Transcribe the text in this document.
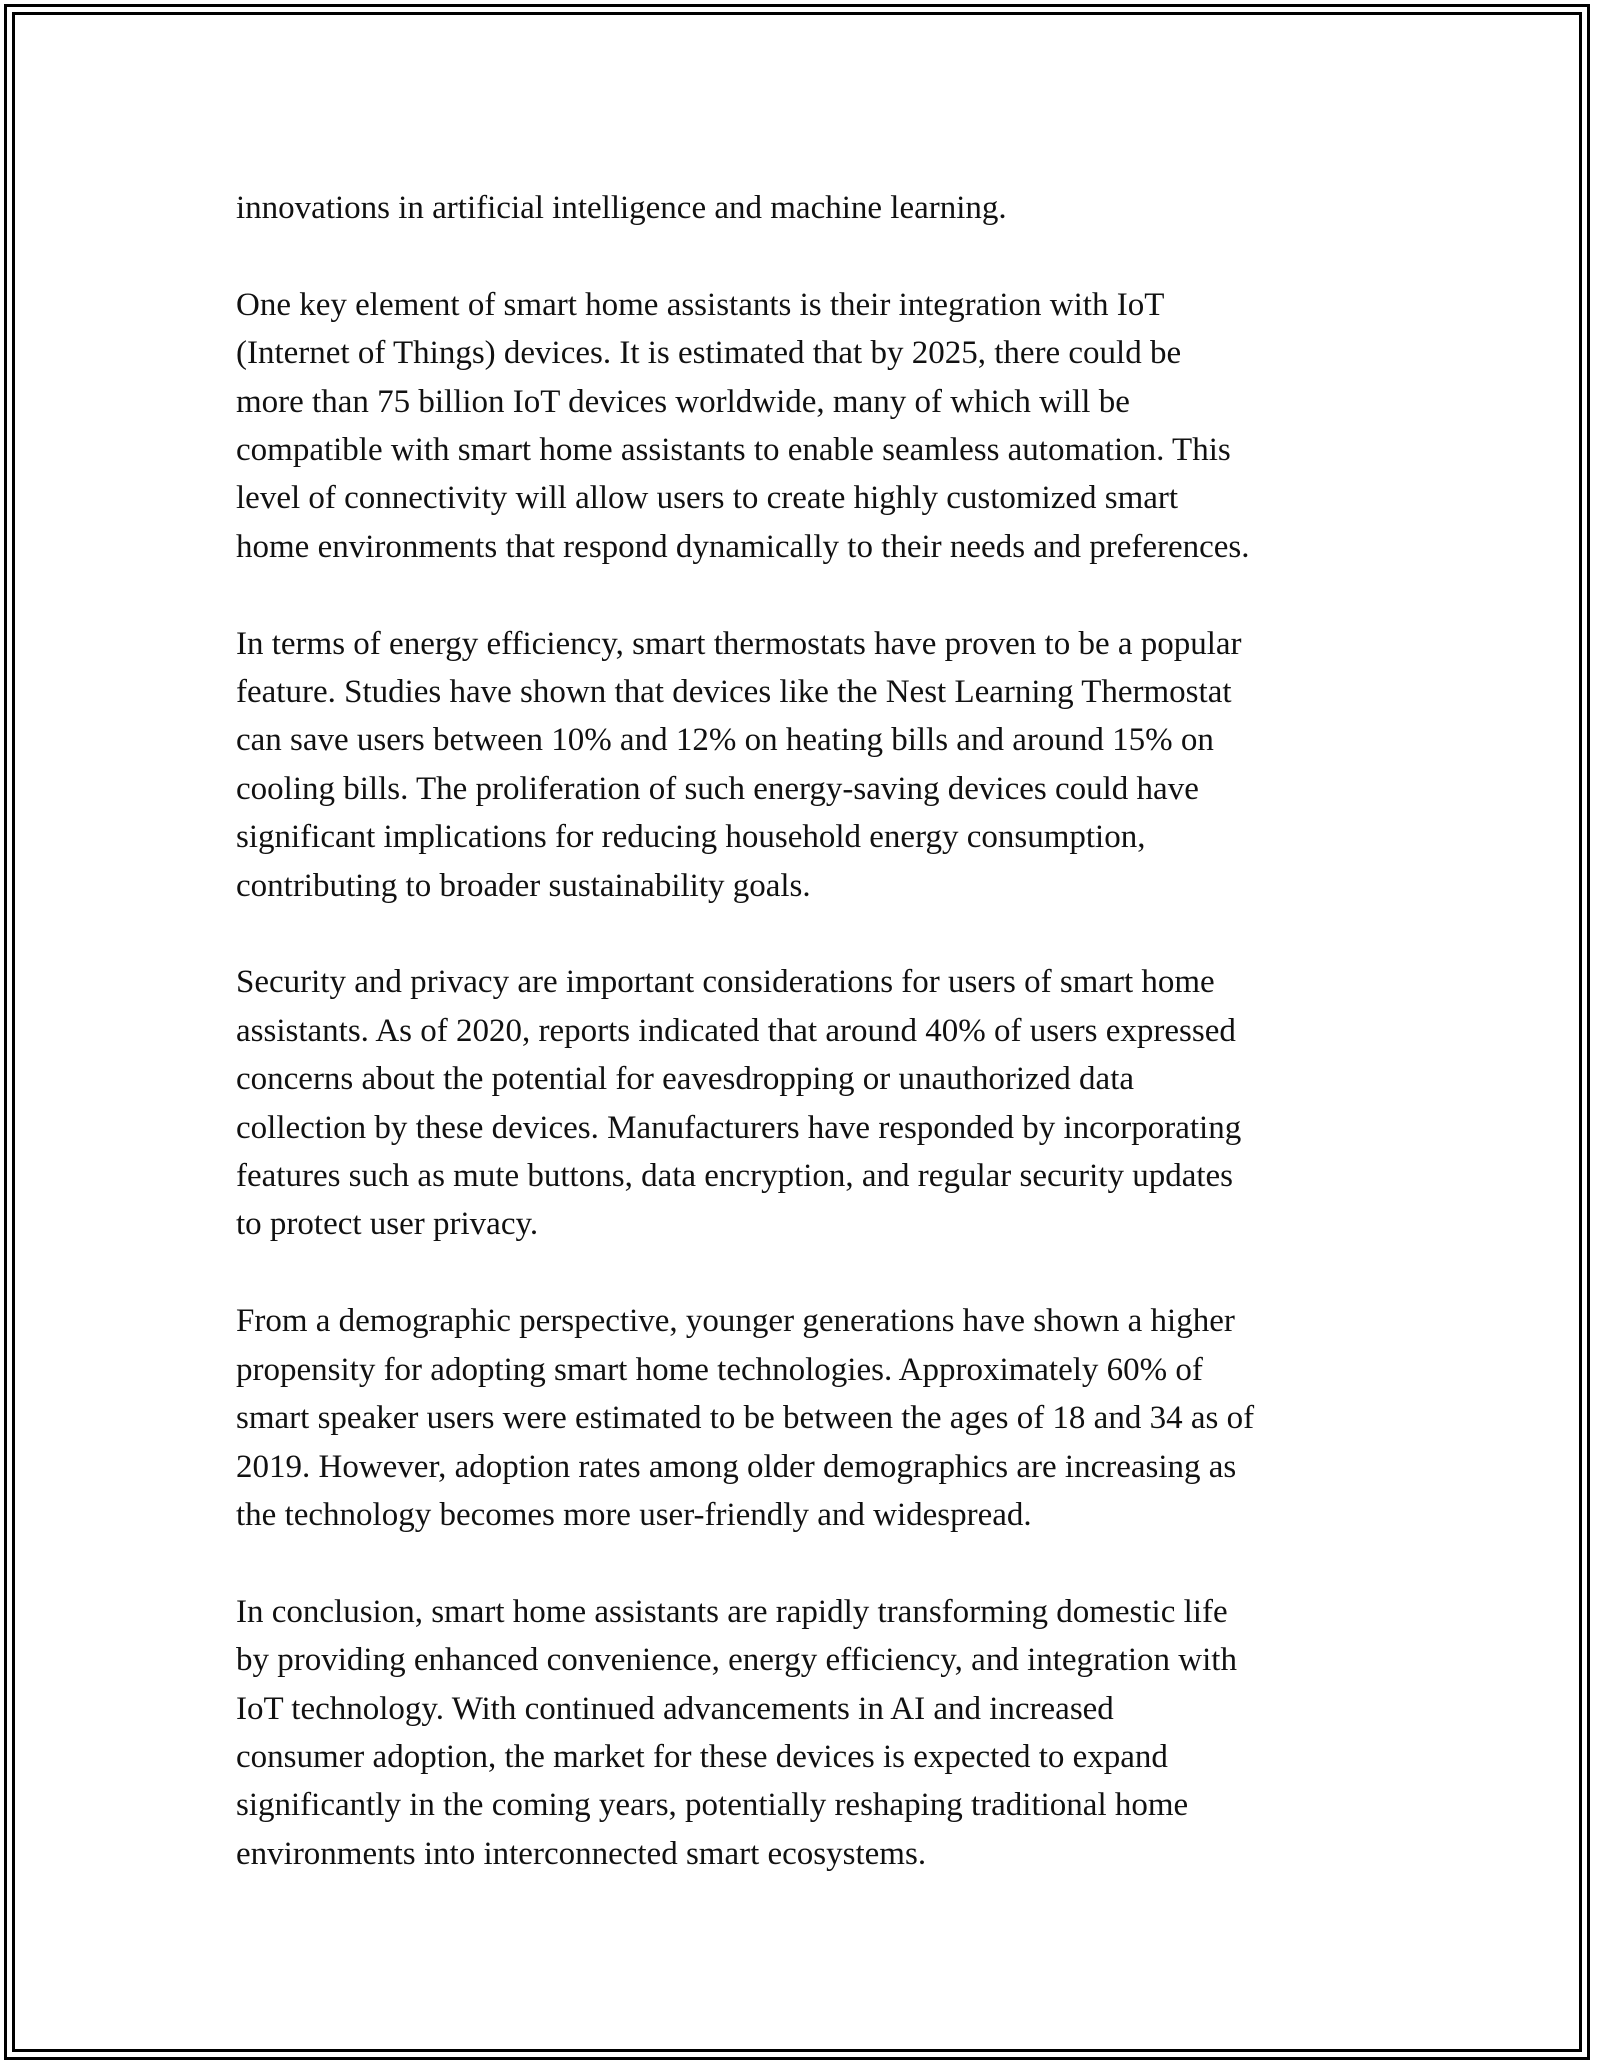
innovations in artificial intelligence and machine learning.

One key element of smart home assistants is their integration with IoT
(Internet of Things) devices. It is estimated that by 2025, there could be
more than 75 billion IoT devices worldwide, many of which will be
compatible with smart home assistants to enable seamless automation. This
level of connectivity will allow users to create highly customized smart
home environments that respond dynamically to their needs and preferences.

In terms of energy efficiency, smart thermostats have proven to be a popular
feature. Studies have shown that devices like the Nest Learning Thermostat
can save users between 10% and 12% on heating bills and around 15% on
cooling bills. The proliferation of such energy-saving devices could have
significant implications for reducing household energy consumption,
contributing to broader sustainability goals.

Security and privacy are important considerations for users of smart home
assistants. As of 2020, reports indicated that around 40% of users expressed
concerns about the potential for eavesdropping or unauthorized data
collection by these devices. Manufacturers have responded by incorporating
features such as mute buttons, data encryption, and regular security updates
to protect user privacy.

From a demographic perspective, younger generations have shown a higher
propensity for adopting smart home technologies. Approximately 60% of
smart speaker users were estimated to be between the ages of 18 and 34 as of
2019. However, adoption rates among older demographics are increasing as
the technology becomes more user-friendly and widespread.

In conclusion, smart home assistants are rapidly transforming domestic life
by providing enhanced convenience, energy efficiency, and integration with
IoT technology. With continued advancements in AI and increased
consumer adoption, the market for these devices is expected to expand
significantly in the coming years, potentially reshaping traditional home
environments into interconnected smart ecosystems.
